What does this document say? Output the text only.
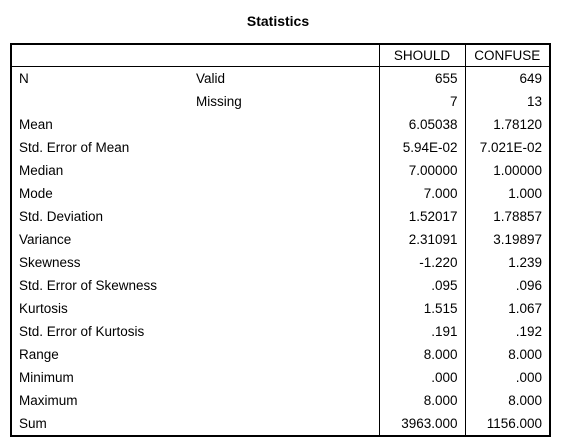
Statistics
		SHOULD	CONFUSE
N	Valid	655	649
	Missing	7	13
Mean		6.05038	1.78120
Std. Error of Mean		5.94E-02	7.021E-02
Median		7.00000	1.00000
Mode		7.000	1.000
Std. Deviation		1.52017	1.78857
Variance		2.31091	3.19897
Skewness		-1.220	1.239
Std. Error of Skewness		.095	.096
Kurtosis		1.515	1.067
Std. Error of Kurtosis		.191	.192
Range		8.000	8.000
Minimum		.000	.000
Maximum		8.000	8.000
Sum		3963.000	1156.000
